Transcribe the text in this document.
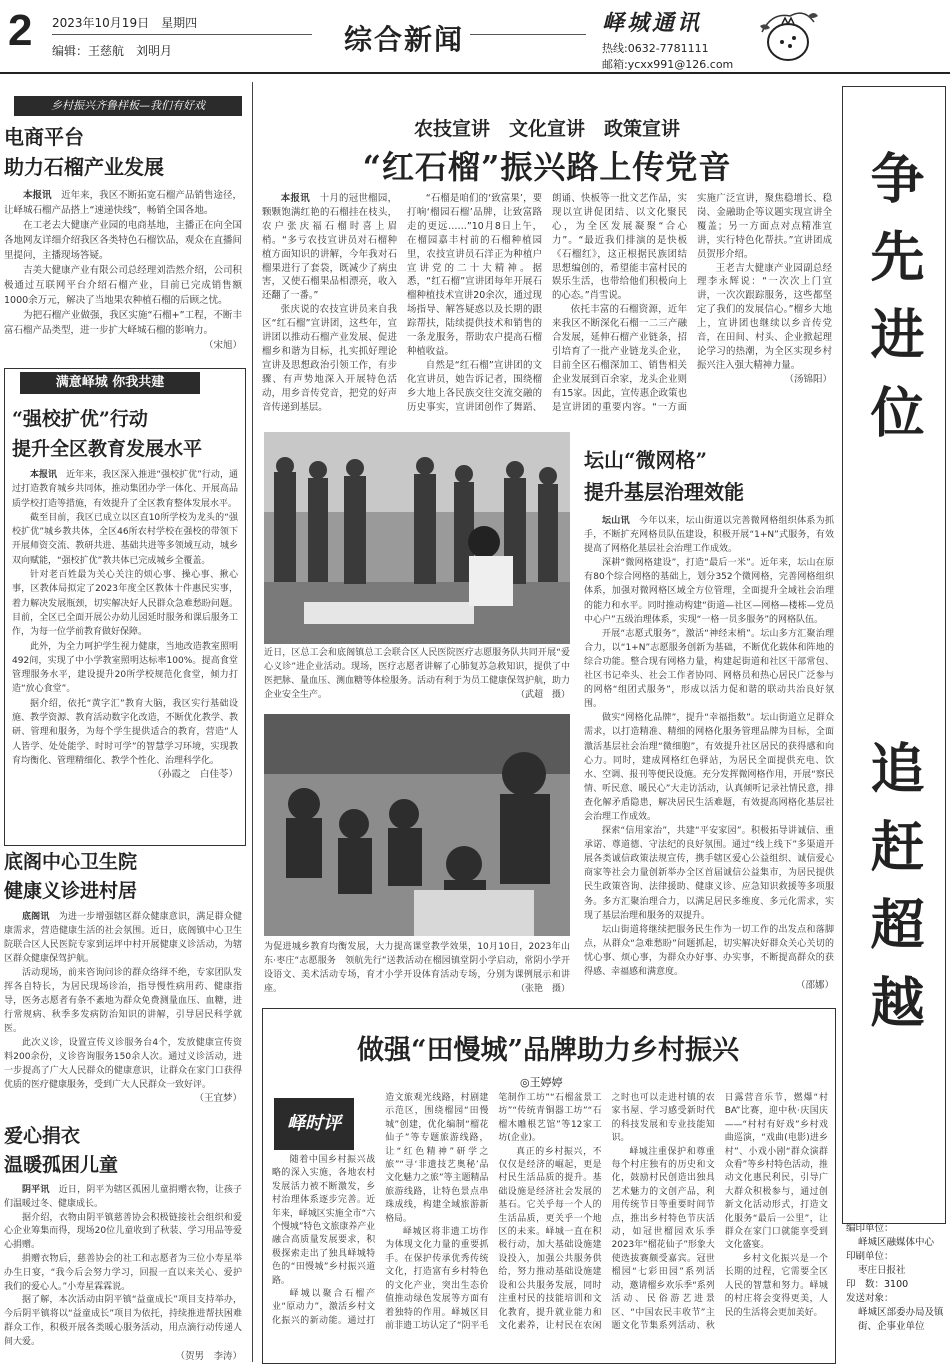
2 2023年10月19日　星期四
编辑：王慈航　刘明月	综合新闻	峄城通讯
热线:0632-7781111
邮箱:ycxx991@126.com
乡村振兴齐鲁样板—我们有好戏
电商平台
助力石榴产业发展

本报讯　 近年来，我区不断拓宽石榴产品销售途径，让峄城石榴产品搭上“速递快线”，畅销全国各地。

在工老去大健康产业园的电商基地，主播正在向全国各地网友详细介绍我区各类特色石榴饮品，观众在直播间里提问，主播现场答疑。

吉美大健康产业有限公司总经理刘浩然介绍，公司积极通过互联网平台介绍石榴产业，目前已完成销售额1000余万元，解决了当地果农种植石榴的后顾之忧。

为把石榴产业做强，我区实施“石榴+”工程，不断丰富石榴产品类型，进一步扩大峄城石榴的影响力。

（宋旭）
满意峄城 你我共建
“强校扩优”行动
提升全区教育发展水平

本报讯　 近年来，我区深入推进“强校扩优”行动，通过打造教育城乡共同体，推动集团办学一体化、开展高品质学校打造等措施，有效提升了全区教育整体发展水平。

截至目前，我区已成立以区直10所学校为龙头的“强校扩优”城乡教共体，全区46所农村学校在强校的带领下开展师资交流、教研共进、基础共进等多领域互动，城乡双向赋能，“强校扩优”教共体已完成城乡全覆盖。

针对老百姓最为关心关注的烦心事、操心事、揪心事，区教体局拟定了2023年度全区教体十件惠民实事，着力解决发展瓶颈，切实解决好人民群众急难愁盼问题。目前，全区已全面开展公办幼儿园延时服务和课后服务工作，为每一位学前教育做好保障。

此外，为全力呵护学生视力健康，当地改造教室照明492间，实现了中小学教室照明达标率100%。提高食堂管理服务水平，建设提升20所学校规范化食堂，倾力打造“放心食堂”。

据介绍，依托“黄字汇”教育大脑，我区实行基础设施、教学资源、教育活动数字化改造，不断优化教学、教研、管理和服务，为每个学生提供适合的教育，营造“人人皆学、处处能学、时时可学”的智慧学习环境，实现教育均衡化、管理精细化、教学个性化、治理科学化。

（孙霞之　白佳苓）
底阁中心卫生院
健康义诊进村居

底阁讯　 为进一步增强辖区群众健康意识，满足群众健康需求，营造健康生活的社会氛围。近日，底阁镇中心卫生院联合区人民医院专家到运坪中村开展健康义诊活动，为辖区群众健康保驾护航。

活动现场，前来咨询问诊的群众络绎不绝，专家团队发挥各自特长，为居民现场诊治，指导慢性病用药、健康指导，医务志愿者有条不紊地为群众免费测量血压、血糖，进行常规病、秋季多发病防治知识的讲解，引导居民科学就医。

此次义诊，设置宣传义诊服务台4个，发放健康宣传资料200余份，义诊咨询服务150余人次。通过义诊活动，进一步提高了广大人民群众的健康意识，让群众在家门口获得优质的医疗健康服务，受到广大人民群众一致好评。

（王宜梦）
爱心捐衣
温暖孤困儿童

阴平讯　 近日，阴平为辖区孤困儿童捐赠衣物，让孩子们温暖过冬、健康成长。

据介绍，衣物由阴平镇慈善协会积极链接社会组织和爱心企业筹集而得，现场20位儿童收到了秋装、学习用品等爱心捐赠。

捐赠衣物后，慈善协会的社工和志愿者为三位小寿星举办生日宴，“我今后会努力学习，回报一直以来关心、爱护我们的爱心人。”小寿星霖霖说。

据了解，本次活动由阴平镇“益童成长”项目支持举办，今后阴平镇将以“益童成长”项目为依托，持续推进帮扶困难群众工作，积极开展各类暖心服务活动，用点滴行动传递人间大爱。

（贺男　李涛）
农技宣讲　文化宣讲　政策宣讲
“红石榴”振兴路上传党音

本报讯　 十月的冠世榴园，颗颗饱满红艳的石榴挂在枝头，农户张庆福石榴时喜上眉梢。“多亏农技宣讲员对石榴种植方面知识的讲解，今年我对石榴果进行了套袋，既减少了病虫害，又使石榴果品相漂亮，收入还翻了一番。”

张庆说的农技宣讲员来自我区“红石榴”宣讲团，这些年，宣讲团以推动石榴产业发展、促进榴乡和谐为目标，扎实抓好理论宣讲及思想政治引领工作，有步骤、有声势地深入开展特色活动，用乡音传党音，把党的好声音传递到基层。

“石榴是咱们的‘致富果’，要打响‘榴园石榴’品牌，让致富路走的更远……”10月8日上午，在榴园嘉丰村前的石榴种植园里，农技宣讲员石洋正为种植户宣讲党的二十大精神。据悉，“红石榴”宣讲团每年开展石榴种植技术宣讲20余次，通过现场指导、解答疑惑以及长期的跟踪帮扶，陆续提供技术和销售的一条龙服务，帮助农户提高石榴种植收益。

自然是“红石榴”宣讲团的文化宣讲员，她告诉记者，围绕榴乡大地上各民族交往交流交融的历史事实，宣讲团创作了舞蹈、朗诵、快板等一批文艺作品，实现以宣讲促团结、以文化聚民心，为全区发展凝聚“合心力”。“最近我们排演的是快板《石榴红》，这正根据民族团结思想编创的，希望能丰富村民的娱乐生活，也带给他们积极向上的心态。”肖雪说。

依托丰富的石榴资源，近年来我区不断深化石榴一二三产融合发展，延伸石榴产业链条，招引培育了一批产业链龙头企业，目前全区石榴深加工、销售相关企业发展到百余家，龙头企业则有15家。因此，宣传惠企政策也是宣讲团的重要内容。“一方面实施广泛宣讲，聚焦稳增长、稳岗、金融助企等议题实现宣讲全覆盖；另一方面点对点精准宣讲，实行特色化帮扶。”宣讲团成员贺彤介绍。

王老吉大健康产业园副总经理李永辉说：“一次次上门宣讲，一次次跟踪服务，这些都坚定了我们的发展信心。”榴乡大地上，宣讲团也继续以乡音传党音，在田间、村头、企业掀起理论学习的热潮，为全区实现乡村振兴注入强大精神力量。

（汤锦阳）
近日，区总工会和底阁镇总工会联合区人民医院医疗志愿服务队共同开展“爱心义诊”进企业活动。现场，医疗志愿者讲解了心肺复苏急救知识，提供了中医把脉、量血压、测血糖等体检服务。活动有利于为员工健康保驾护航，助力企业安全生产。	（武超　摄）
为促进城乡教育均衡发展，大力提高课堂教学效果，10月10日，2023年山东·枣庄“志愿服务　领航先行”送教活动在榴园镇堂阴小学启动，常阴小学开设语文、美术活动专场，育才小学开设体育活动专场，分别为课例展示和讲座。	（张艳　摄）
坛山“微网格”
提升基层治理效能

坛山讯　 今年以来，坛山街道以完善微网格组织体系为抓手，不断扩充网格员队伍建设，积极开展“1+N”式服务，有效提高了网格化基层社会治理工作成效。

深耕“微网格建设”，打造“最后一米”。近年来，坛山在原有80个综合网格的基础上，划分352个微网格，完善网格组织体系，加强对微网格区域全方位管理，全面提升全域社会治理的能力和水平。同时推动构建“街道—社区—网格—楼栋—党员中心户”五级治理体系，实现“一格一员多服务”的网格队伍。

开展“志愿式服务”，激活“神经末梢”。坛山多方汇聚治理合力，以“1+N”志愿服务创新为基础，不断优化载体和阵地的综合功能。整合现有网格力量，构建起街道和社区干部常包、社区书记牵头、社会工作者协同、网格员和热心居民广泛参与的网格“组团式服务”，形成以活力促和谐的联动共治良好氛围。

做实“网格化品牌”，提升“幸福指数”。坛山街道立足群众需求，以打造精准、精细的网格化服务管理品牌为目标，全面激活基层社会治理“微细胞”，有效提升社区居民的获得感和向心力。同时，建成网格红色驿站，为居民全面提供充电、饮水、空调、报刊等便民设施。充分发挥微网格作用，开展“察民情、听民意、暖民心”大走访活动，认真倾听记录社情民意，排查化解矛盾隐患，解决居民生活难题，有效提高网格化基层社会治理工作成效。

探索“信用家治”，共建“平安家园”。积极拓导讲诚信、重承诺、尊道德、守法纪的良好氛围。通过“线上线下”多渠道开展各类诚信政策法规宣传，携手辖区爱心公益组织、诚信爱心商家等社会力量创新举办全区首届诚信公益集市，为居民提供民生政策咨询、法律援助、健康义诊、应急知识救援等多项服务。多方汇聚治理合力，以满足居民多维度、多元化需求，实现了基层治理和服务的双提升。

坛山街道将继续把服务民生作为一切工作的出发点和落脚点，从群众“急难愁盼”问题抓起，切实解决好群众关心关切的忧心事、烦心事，为群众办好事、办实事，不断提高群众的获得感、幸福感和满意度。

（邵娜）
做强“田慢城”品牌助力乡村振兴
◎王婷婷
峄时评

随着中国乡村振兴战略的深入实施，各地农村发展活力被不断激发，乡村治理体系逐步完善。近年来，峄城区实施全市“六个慢城”特色文旅康养产业融合高质量发展要求，积极探索走出了独具峄城特色的“田慢城”乡村振兴道路。

峄城以聚合石榴产业“原动力”，激活乡村文化振兴的新动能。通过打造文旅观光线路，村剧建示范区，围绕榴园“田慢城”创建，优化编制“榴花仙子”等专题旅游线路，让“红色精神”研学之旅”“寻‘非遗技艺奥秘’品文化魅力之旅”等主题精品旅游线路，让特色景点串珠成线，构建全域旅游新格局。

峄城区将非遗工坊作为体现文化力量的重要抓手。在保护传承优秀传统文化，打造富有乡村特色的文化产业，突出生态价值推动绿色发展等方面有着独特的作用。峄城区目前非遗工坊认定了“阴平毛笔制作工坊”“石榴盆景工坊”“传统青铜器工坊”“石榴木雕根艺馆”等12家工坊(企业)。

真正的乡村振兴，不仅仅是经济的崛起，更是村民生活品质的提升。基础设施是经济社会发展的基石。它关乎每一个人的生活品质，更关乎一个地区的未来。峄城一直在积极行动，加大基础设施建设投入，加强公共服务供给，努力推动基础设施建设和公共服务发展，同时注重村民的技能培训和文化教育，提升就业能力和文化素养，让村民在农闲之时也可以走进村镇的农家书屋、学习感受新时代的科技发展和专业技能知识。

峄城注重保护和尊重每个村庄独有的历史和文化，鼓励村民创造出独具艺术魅力的文创产品，利用传统节日等重要时间节点，推出乡村特色节庆活动，如冠世榴园欢乐季2023年“榴花仙子”形象大使选拔赛颇受嘉宾。冠世榴园“七彩田园”系列活动，邀请榴乡欢乐季“系列活动、民俗游艺进景区、“中国农民丰收节”主题文化节集系列活动、秋日露营音乐节，燃爆“村BA”比赛，迎中秋·庆国庆——“村村有好戏”乡村戏曲巡演，“戏曲(电影)进乡村”、小戏小剧“群众演群众看”等乡村特色活动，推动文化惠民利民，引导广大群众积极参与，通过创新文化活动形式，打造文化服务“最后一公里”，让群众在家门口就能享受到文化盛宴。

乡村文化振兴是一个长期的过程，它需要全区人民的智慧和努力。峄城的村庄将会变得更美，人民的生活将会更加美好。

争先进位
追赶超越
编印单位：
峄城区融媒体中心
印刷单位：
枣庄日报社
印　数：3100
发送对象：
峄城区部委办局及镇街、企事业单位
